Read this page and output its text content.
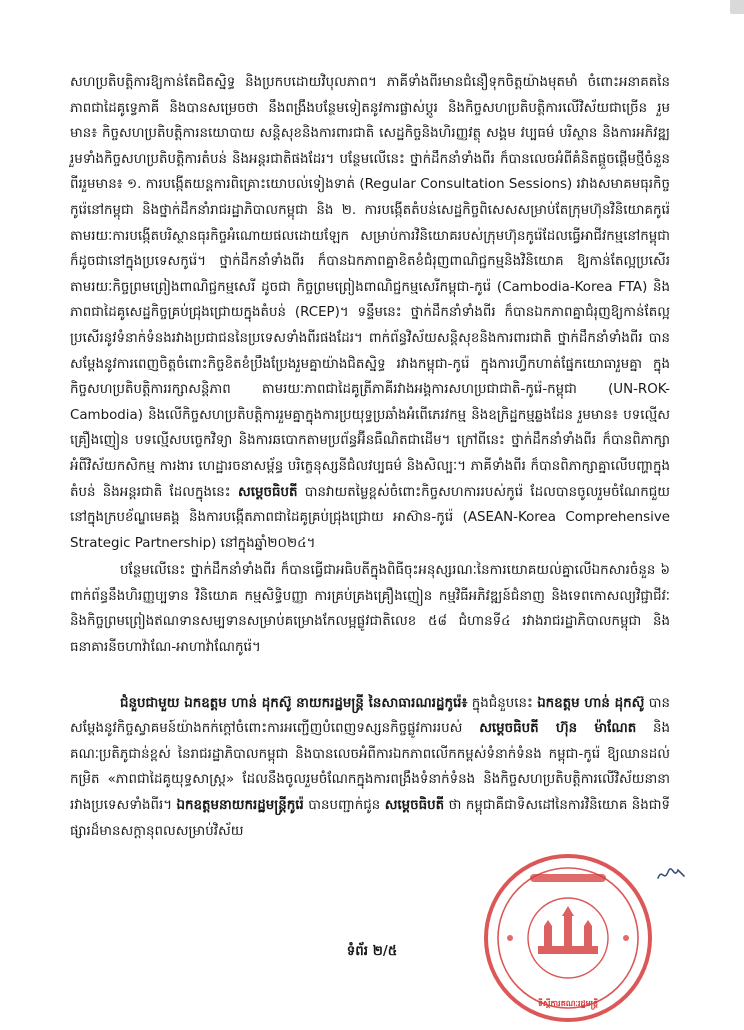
សហប្រតិបត្តិការឱ្យកាន់តែជិតស្និទ្ធ និងប្រកបដោយវិបុលភាព។ ភាគីទាំងពីរមានជំនឿទុកចិត្តយ៉ាងមុតមាំ ចំពោះអនាគតនៃភាពជាដៃគូទ្វេភាគី និងបានសម្រេចថា នឹងពង្រឹងបន្ថែមទៀតនូវការផ្លាស់ប្តូរ និងកិច្ចសហប្រតិបត្តិការលើវិស័យជាច្រើន រួមមាន៖ កិច្ចសហប្រតិបត្តិការនយោបាយ សន្តិសុខនិងការពារជាតិ សេដ្ឋកិច្ចនិងហិរញ្ញវត្ថុ សង្គម វប្បធម៌ បរិស្ថាន និងការអភិវឌ្ឍ រួមទាំងកិច្ចសហប្រតិបត្តិការតំបន់ និងអន្តរជាតិផងដែរ។ បន្ថែមលើនេះ ថ្នាក់ដឹកនាំទាំងពីរ ក៏បានលេចអំពីគំនិតផ្តួចផ្តើមថ្មីចំនួនពីររួមមាន៖ ១. ការបង្កើតយន្តការពិគ្រោះយោបល់ទៀងទាត់ (Regular Consultation Sessions) រវាងសមាគមធុរកិច្ចកូរ៉េនៅកម្ពុជា និងថ្នាក់ដឹកនាំរាជរដ្ឋាភិបាលកម្ពុជា និង ២. ការបង្កើតតំបន់សេដ្ឋកិច្ចពិសេសសម្រាប់តែក្រុមហ៊ុនវិនិយោគកូរ៉េ តាមរយៈការបង្កើតបរិស្ថានធុរកិច្ចអំណោយផលដោយឡែក សម្រាប់ការវិនិយោគរបស់ក្រុមហ៊ុនកូរ៉េដែលធ្វើអាជីវកម្មនៅកម្ពុជា ក៏ដូចជានៅក្នុងប្រទេសកូរ៉េ។ ថ្នាក់ដឹកនាំទាំងពីរ ក៏បានឯកភាពគ្នាខិតខំជំរុញពាណិជ្ជកម្មនិងវិនិយោគ ឱ្យកាន់តែល្អប្រសើរតាមរយៈកិច្ចព្រមព្រៀងពាណិជ្ជកម្មសេរី ដូចជា កិច្ចព្រមព្រៀងពាណិជ្ជកម្មសេរីកម្ពុជា-កូរ៉េ (Cambodia-Korea FTA) និងភាពជាដៃគូសេដ្ឋកិច្ចគ្រប់ជ្រុងជ្រោយក្នុងតំបន់ (RCEP)។ ទន្ទឹមនេះ ថ្នាក់ដឹកនាំទាំងពីរ ក៏បានឯកភាពគ្នាជំរុញឱ្យកាន់តែល្អប្រសើរនូវទំនាក់ទំនងរវាងប្រជាជននៃប្រទេសទាំងពីរផងដែរ។ ពាក់ព័ន្ធវិស័យសន្តិសុខនិងការពារជាតិ ថ្នាក់ដឹកនាំទាំងពីរ បានសម្តែងនូវការពេញចិត្តចំពោះកិច្ចខិតខំប្រឹងប្រែងរួមគ្នាយ៉ាងជិតស្និទ្ធ រវាងកម្ពុជា-កូរ៉េ ក្នុងការហ្វឹកហាត់ផ្នែកយោធារួមគ្នា ក្នុងកិច្ចសហប្រតិបត្តិការរក្សាសន្តិភាព តាមរយៈភាពជាដៃគូត្រីភាគីរវាងអង្គការសហប្រជាជាតិ-កូរ៉េ-កម្ពុជា (UN-ROK-Cambodia) និងលើកិច្ចសហប្រតិបត្តិការរួមគ្នាក្នុងការប្រយុទ្ធប្រឆាំងអំពើភេរវកម្ម និងឧក្រិដ្ឋកម្មឆ្លងដែន រួមមាន៖ បទល្មើសគ្រឿងញៀន បទល្មើសបច្ចេកវិទ្យា និងការឆបោកតាមប្រព័ន្ធអ៊ីនធឺណិតជាដើម។ ក្រៅពីនេះ ថ្នាក់ដឹកនាំទាំងពីរ ក៏បានពិភាក្សាអំពីវិស័យកសិកម្ម ការងារ ហេដ្ឋារចនាសម្ព័ន្ធ បរិក្ខេនុស្សនីជំលវប្បធម៌ និងសិល្បៈ។ ភាគីទាំងពីរ ក៏បានពិភាក្សាគ្នាលើបញ្ហាក្នុងតំបន់ និងអន្តរជាតិ ដែលក្នុងនេះ សម្តេចធិបតី បានវាយតម្លៃខ្ពស់ចំពោះកិច្ចសហការរបស់កូរ៉េ ដែលបានចូលរួមចំណែកជួយនៅក្នុងក្របខ័ណ្ឌមេគង្គ និងការបង្កើតភាពជាដៃគូគ្រប់ជ្រុងជ្រោយ អាស៊ាន-កូរ៉េ (ASEAN-Korea Comprehensive Strategic Partnership) នៅក្នុងឆ្នាំ២០២៤។

បន្ថែមលើនេះ ថ្នាក់ដឹកនាំទាំងពីរ ក៏បានធ្វើជាអធិបតីក្នុងពិធីចុះអនុស្សរណៈនៃការយោគយល់គ្នាលើឯកសារចំនួន ៦ ពាក់ព័ន្ធនឹងហិរញ្ញប្បទាន វិនិយោគ កម្មសិទ្ធិបញ្ញា ការគ្រប់គ្រងគ្រឿងញៀន កម្មវិធីអភិវឌ្ឍន៍ជំនាញ និងទេពកោសល្យវិជ្ជាជីវៈ និងកិច្ចព្រមព្រៀងឥណទានសម្បទានសម្រាប់គម្រោងកែលម្អផ្លូវជាតិលេខ ៥៨ ជំហានទី៤ រវាងរាជរដ្ឋាភិបាលកម្ពុជា និងធនាគារនីចហាវ៉ាណែ-អាហាវ៉ាណែកូរ៉េ។

ជំនួបជាមួយ ឯកឧត្តម ហាន់ ដុកស៊ូ នាយករដ្ឋមន្ត្រី នៃសាធារណរដ្ឋកូរ៉េ៖ ក្នុងជំនួបនេះ ឯកឧត្តម ហាន់ ដុកស៊ូ បានសម្តែងនូវកិច្ចស្វាគមន៍យ៉ាងកក់ក្តៅចំពោះការអញ្ជើញបំពេញទស្សនកិច្ចផ្លូវការរបស់ សម្តេចធិបតី ហ៊ុន ម៉ាណែត និងគណៈប្រតិភូជាន់ខ្ពស់ នៃរាជរដ្ឋាភិបាលកម្ពុជា និងបានលេចអំពីការឯកភាពលើកកម្ពស់ទំនាក់ទំនង កម្ពុជា-កូរ៉េ ឱ្យឈានដល់កម្រិត «ភាពជាដៃគូយុទ្ធសាស្ត្រ» ដែលនឹងចូលរួមចំណែកក្នុងការពង្រឹងទំនាក់ទំនង និងកិច្ចសហប្រតិបត្តិការលើវិស័យនានារវាងប្រទេសទាំងពីរ។ ឯកឧត្តមនាយករដ្ឋមន្ត្រីកូរ៉េ បានបញ្ជាក់ជូន សម្តេចធិបតី ថា កម្ពុជាគឺជាទិសដៅនៃការវិនិយោគ និងជាទីផ្សារដ៏មានសក្តានុពលសម្រាប់វិស័យ

ទីស្តីការគណៈរដ្ឋមន្ត្រី
ទំព័រ ២/៥
